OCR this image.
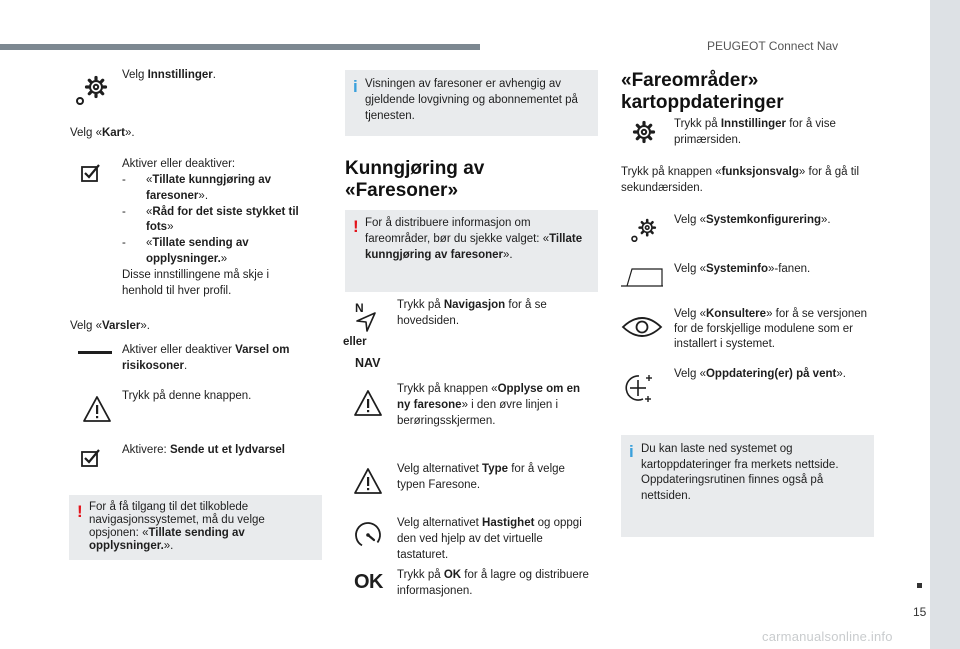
PEUGEOT Connect Nav
15
Velg Innstillinger.
Velg «Kart».
Aktiver eller deaktiver:
- «Tillate kunngjøring av faresoner».
- «Råd for det siste stykket til fots»
- «Tillate sending av opplysninger.»
Disse innstillingene må skje i henhold til hver profil.
Velg «Varsler».
Aktiver eller deaktiver Varsel om risikosoner.
Trykk på denne knappen.
Aktivere: Sende ut et lydvarsel
! For å få tilgang til det tilkoblede navigasjonssystemet, må du velge opsjonen: «Tillate sending av opplysninger.».
i Visningen av faresoner er avhengig av gjeldende lovgivning og abonnementet på tjenesten.
Kunngjøring av «Faresoner»
! For å distribuere informasjon om fareområder, bør du sjekke valget: «Tillate kunngjøring av faresoner».
N
eller
NAV
Trykk på Navigasjon for å se hovedsiden.
Trykk på knappen «Opplyse om en ny faresone» i den øvre linjen i berøringsskjermen.
Velg alternativet Type for å velge typen Faresone.
Velg alternativet Hastighet og oppgi den ved hjelp av det virtuelle tastaturet.
OK Trykk på OK for å lagre og distribuere informasjonen.
«Fareområder» kartoppdateringer
Trykk på Innstillinger for å vise primærsiden.
Trykk på knappen «funksjonsvalg» for å gå til sekundærsiden.
Velg «Systemkonfigurering».
Velg «Systeminfo»-fanen.
Velg «Konsultere» for å se versjonen for de forskjellige modulene som er installert i systemet.
Velg «Oppdatering(er) på vent».
i Du kan laste ned systemet og kartoppdateringer fra merkets nettside. Oppdateringsrutinen finnes også på nettsiden.
carmanualsonline.info
